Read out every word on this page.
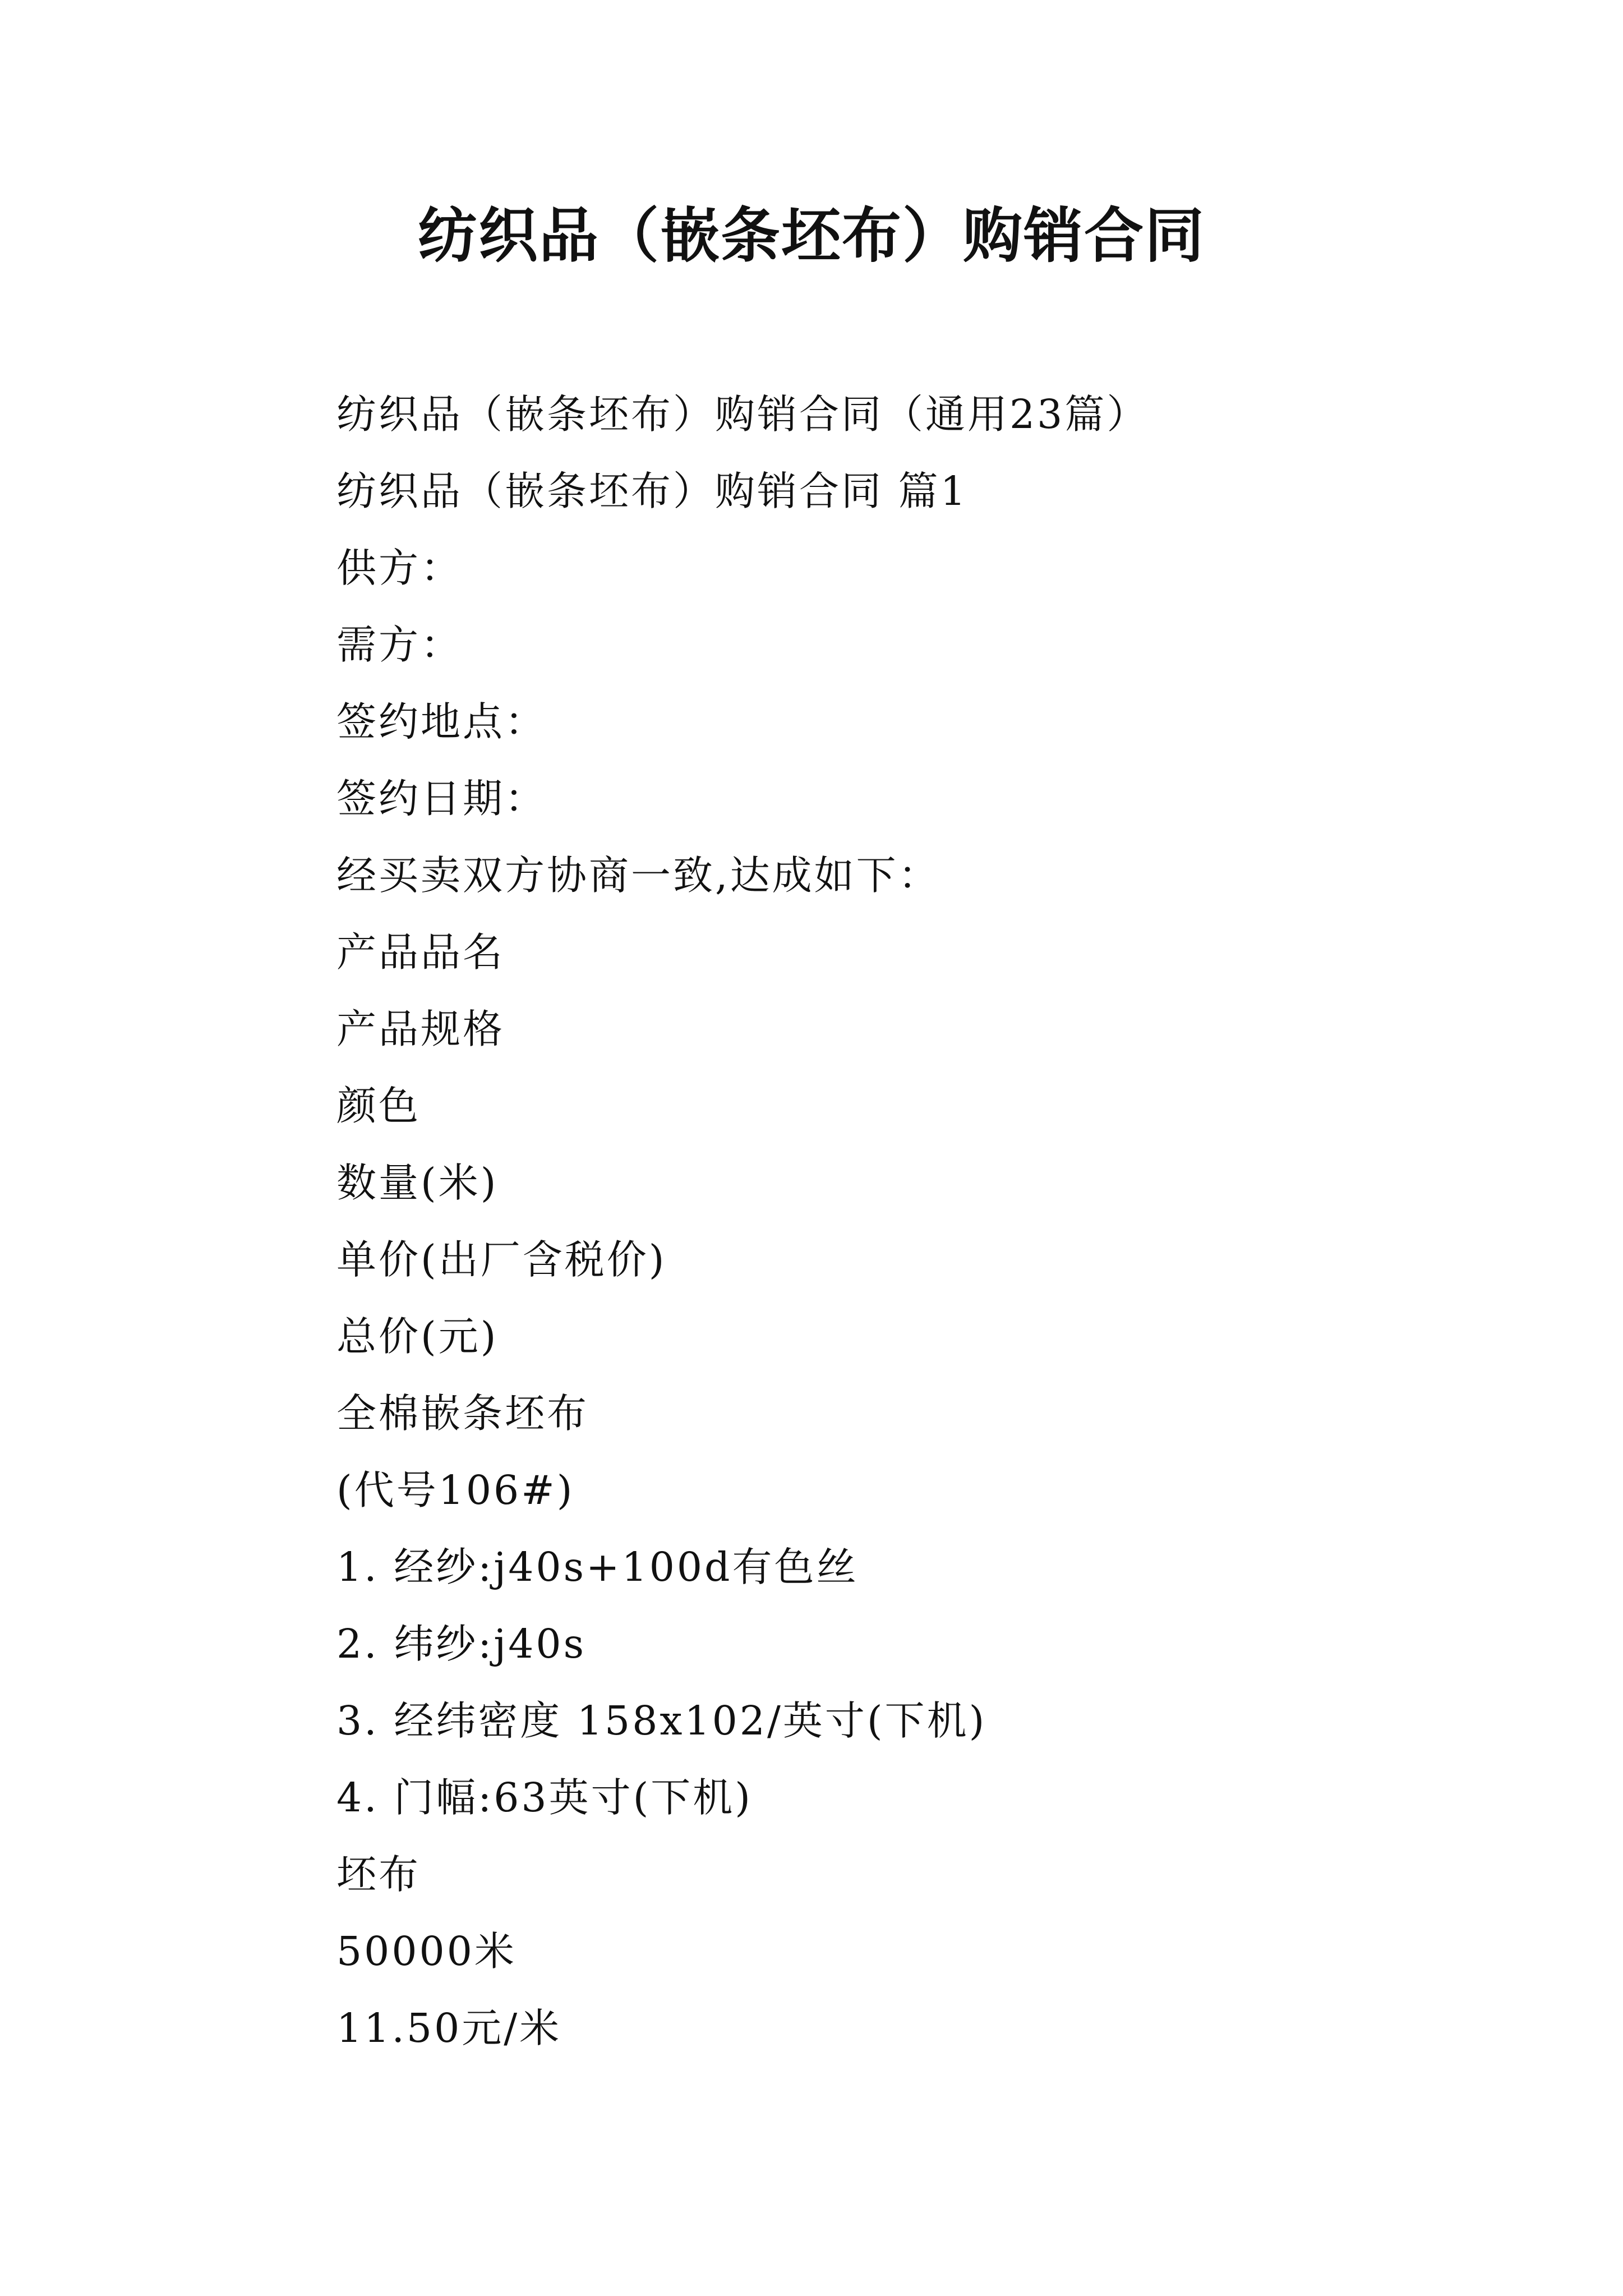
纺织品（嵌条坯布）购销合同
纺织品（嵌条坯布）购销合同（通用23篇）
纺织品（嵌条坯布）购销合同 篇1
供方：
需方：
签约地点：
签约日期：
经买卖双方协商一致,达成如下：
产品品名
产品规格
颜色
数量(米)
单价(出厂含税价)
总价(元)
全棉嵌条坯布
(代号106#)
1. 经纱:j40s+100d有色丝
2. 纬纱:j40s
3. 经纬密度 158x102/英寸(下机)
4. 门幅:63英寸(下机)
坯布
50000米
11.50元/米
